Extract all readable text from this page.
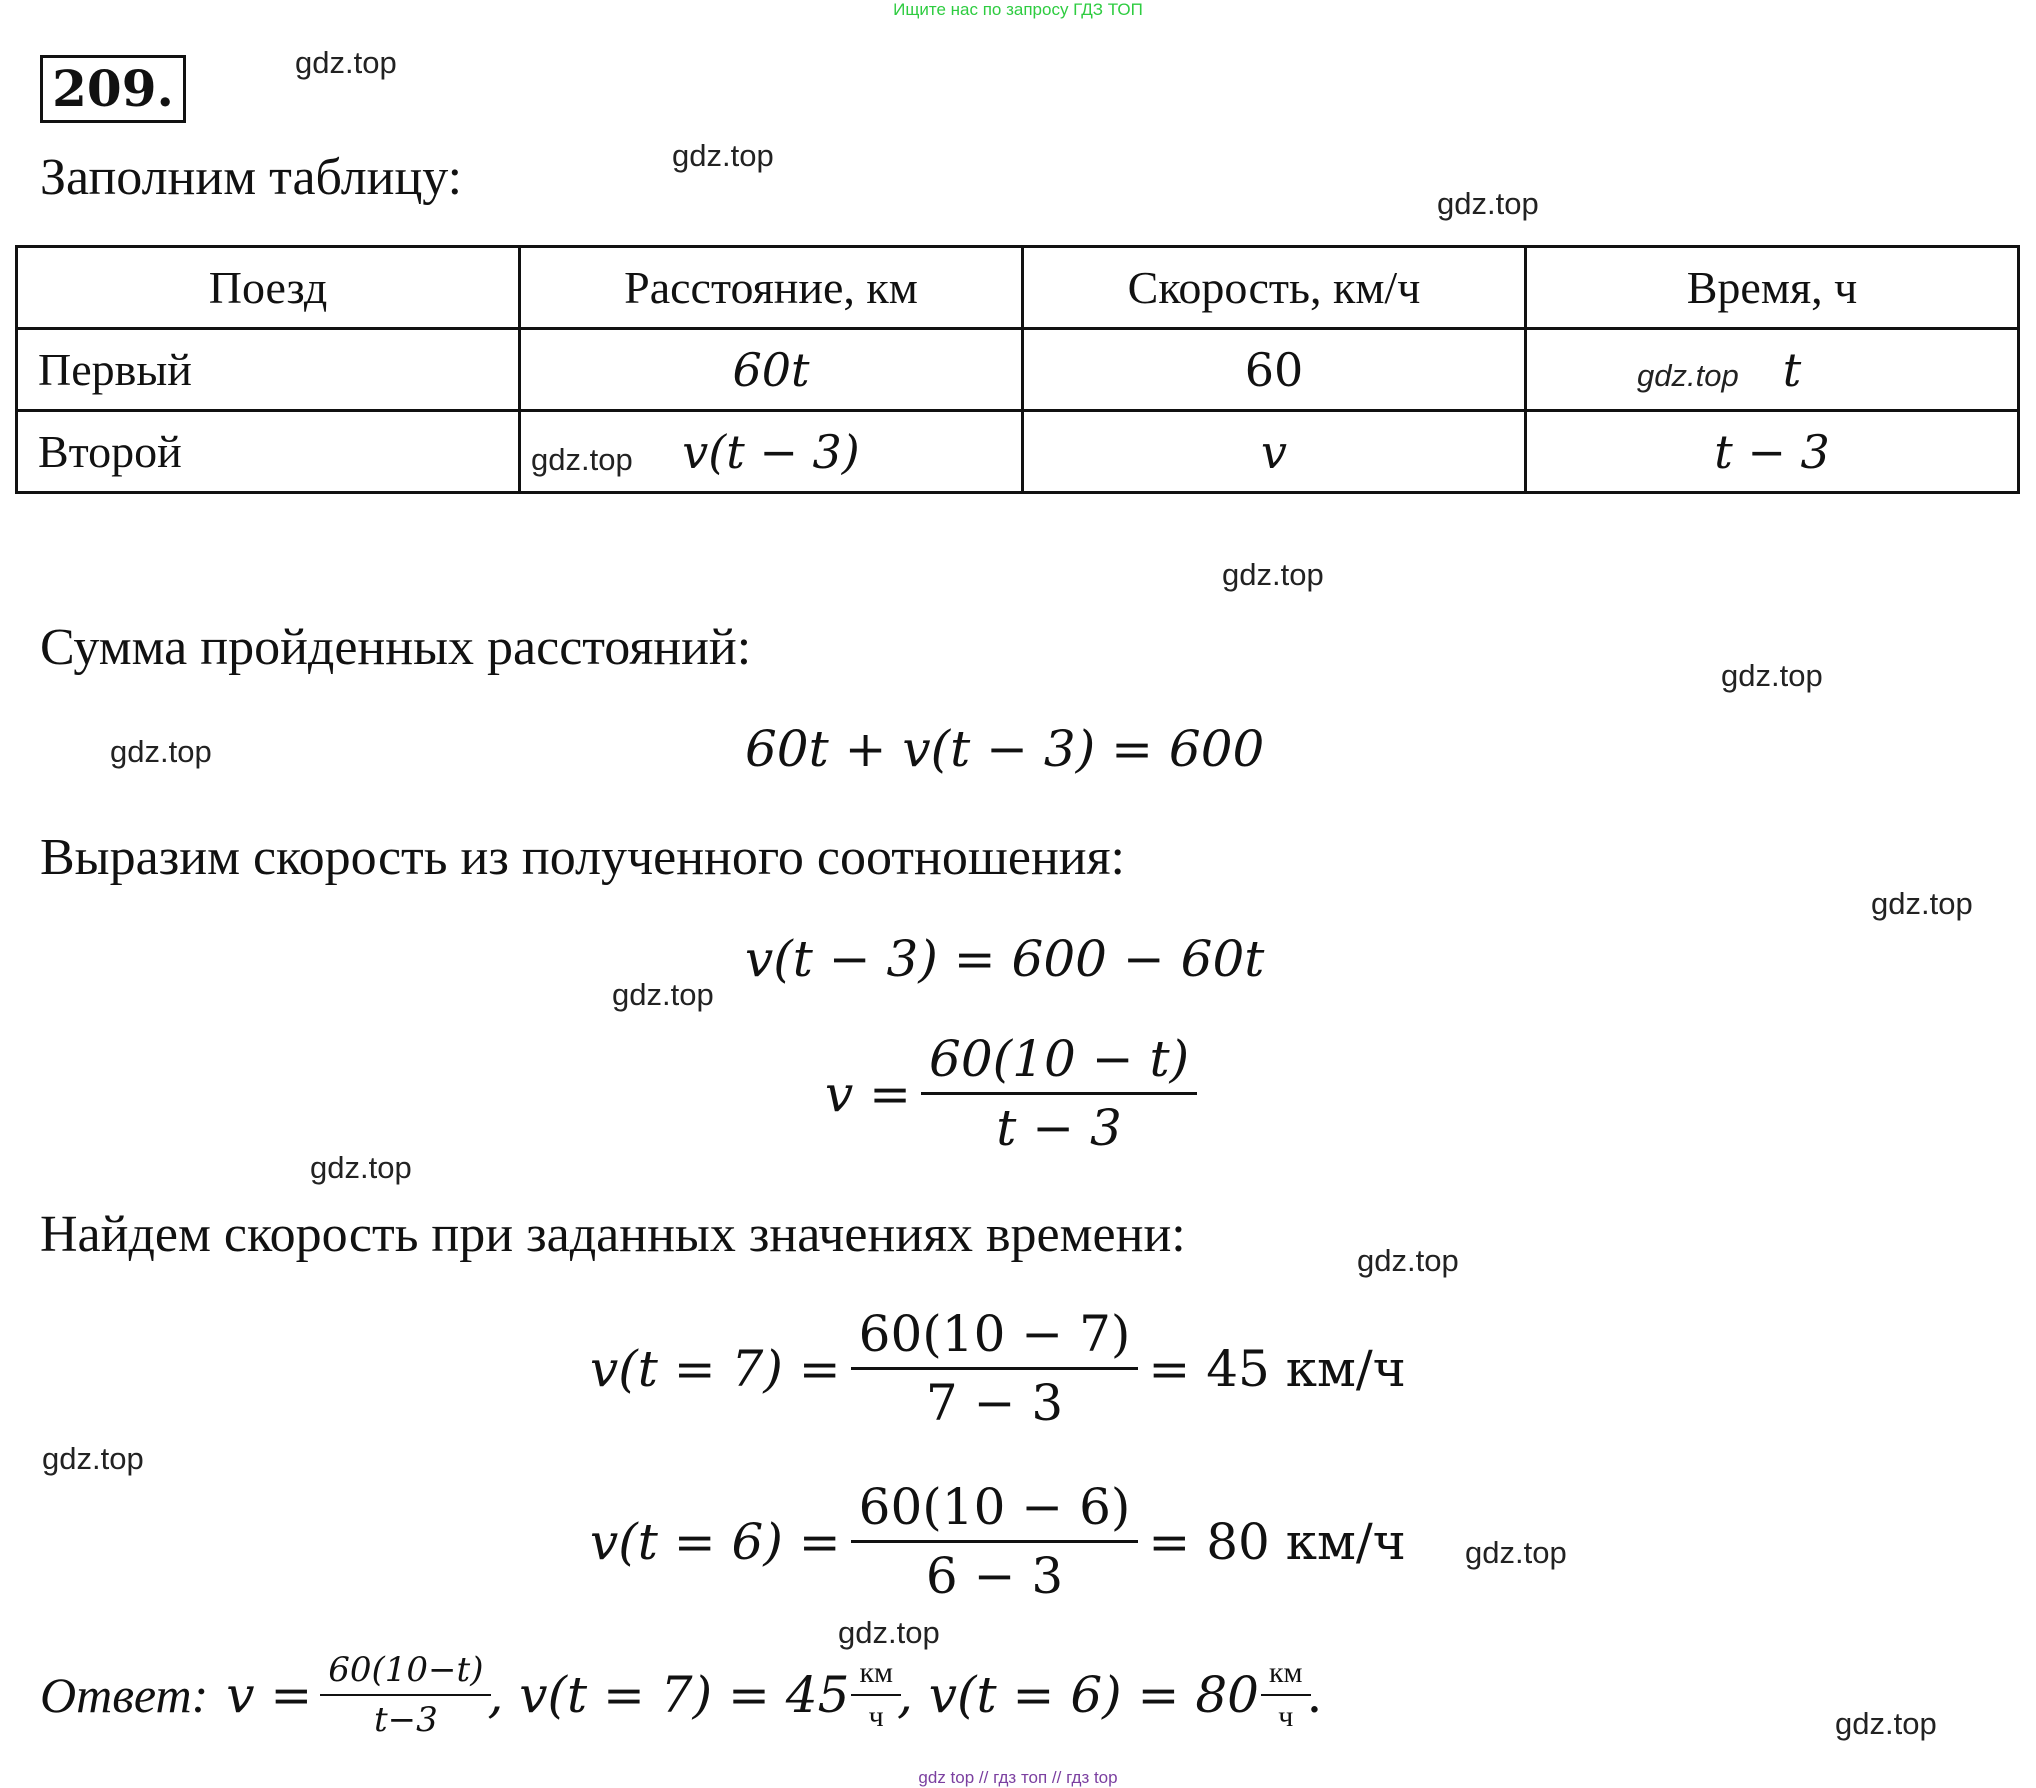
Ищите нас по запросу ГДЗ ТОП
209.	gdz.top
gdz.top
gdz.top
gdz.top
gdz.top
gdz.top
gdz.top
gdz.top
gdz.top
gdz.top
gdz.top
gdz.top
gdz.top
gdz.top
Заполним таблицу:
Поезд	Расстояние, км	Скорость, км/ч	Время, ч
Первый	60t	60	gdz.top t
Второй	gdz.top v(t − 3)	v	t − 3
Сумма пройденных расстояний:
60t + v(t − 3) = 600
Выразим скорость из полученного соотношения:
v(t − 3) = 600 − 60t
$v = \frac{60(10 - t)}{t - 3}$
Найдем скорость при заданных значениях времени:
$v(t = 7) = \frac{60(10 - 7)}{7 - 3} = 45$ км/ч
$v(t = 6) = \frac{60(10 - 6)}{6 - 3} = 80$ км/ч
Ответ: $v = \frac{60(10-t)}{t-3}$ , $v(t = 7) = 45 \frac{км}{ч}$ , $v(t = 6) = 80 \frac{км}{ч}$ .
gdz top // гдз топ // гдз top
